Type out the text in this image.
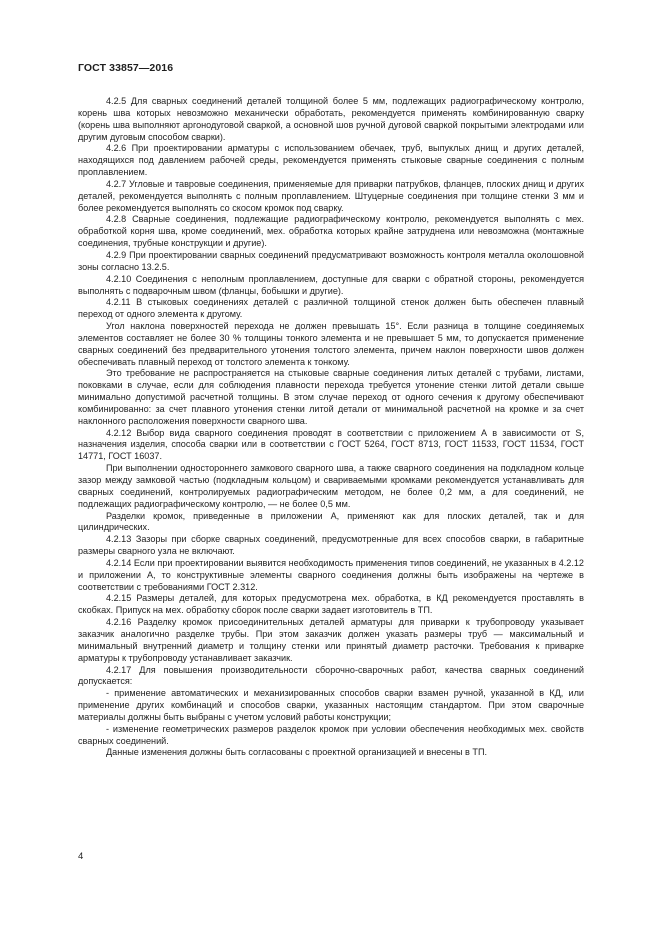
ГОСТ 33857—2016

4.2.5 Для сварных соединений деталей толщиной более 5 мм, подлежащих радиографическому контролю, корень шва которых невозможно механически обработать, рекомендуется применять комбинированную сварку (корень шва выполняют аргонодуговой сваркой, а основной шов ручной дуговой сваркой покрытыми электродами или другим дуговым способом сварки).

4.2.6 При проектировании арматуры с использованием обечаек, труб, выпуклых днищ и других деталей, находящихся под давлением рабочей среды, рекомендуется применять стыковые сварные соединения с полным проплавлением.

4.2.7 Угловые и тавровые соединения, применяемые для приварки патрубков, фланцев, плоских днищ и других деталей, рекомендуется выполнять с полным проплавлением. Штуцерные соединения при толщине стенки 3 мм и более рекомендуется выполнять со скосом кромок под сварку.

4.2.8 Сварные соединения, подлежащие радиографическому контролю, рекомендуется выполнять с мех. обработкой корня шва, кроме соединений, мех. обработка которых крайне затруднена или невозможна (монтажные соединения, трубные конструкции и другие).

4.2.9 При проектировании сварных соединений предусматривают возможность контроля металла околошовной зоны согласно 13.2.5.

4.2.10 Соединения с неполным проплавлением, доступные для сварки с обратной стороны, рекомендуется выполнять с подварочным швом (фланцы, бобышки и другие).

4.2.11 В стыковых соединениях деталей с различной толщиной стенок должен быть обеспечен плавный переход от одного элемента к другому.

Угол наклона поверхностей перехода не должен превышать 15°. Если разница в толщине соединяемых элементов составляет не более 30 % толщины тонкого элемента и не превышает 5 мм, то допускается применение сварных соединений без предварительного утонения толстого элемента, причем наклон поверхности швов должен обеспечивать плавный переход от толстого элемента к тонкому.

Это требование не распространяется на стыковые сварные соединения литых деталей с трубами, листами, поковками в случае, если для соблюдения плавности перехода требуется утонение стенки литой детали свыше минимально допустимой расчетной толщины. В этом случае переход от одного сечения к другому обеспечивают комбинированно: за счет плавного утонения стенки литой детали от минимальной расчетной на кромке и за счет наклонного расположения поверхности сварного шва.

4.2.12 Выбор вида сварного соединения проводят в соответствии с приложением А в зависимости от S, назначения изделия, способа сварки или в соответствии с ГОСТ 5264, ГОСТ 8713, ГОСТ 11533, ГОСТ 11534, ГОСТ 14771, ГОСТ 16037.

При выполнении одностороннего замкового сварного шва, а также сварного соединения на подкладном кольце зазор между замковой частью (подкладным кольцом) и свариваемыми кромками рекомендуется устанавливать для сварных соединений, контролируемых радиографическим методом, не более 0,2 мм, а для соединений, не подлежащих радиографическому контролю, — не более 0,5 мм.

Разделки кромок, приведенные в приложении А, применяют как для плоских деталей, так и для цилиндрических.

4.2.13 Зазоры при сборке сварных соединений, предусмотренные для всех способов сварки, в габаритные размеры сварного узла не включают.

4.2.14 Если при проектировании выявится необходимость применения типов соединений, не указанных в 4.2.12 и приложении А, то конструктивные элементы сварного соединения должны быть изображены на чертеже в соответствии с требованиями ГОСТ 2.312.

4.2.15 Размеры деталей, для которых предусмотрена мех. обработка, в КД рекомендуется проставлять в скобках. Припуск на мех. обработку сборок после сварки задает изготовитель в ТП.

4.2.16 Разделку кромок присоединительных деталей арматуры для приварки к трубопроводу указывает заказчик аналогично разделке трубы. При этом заказчик должен указать размеры труб — максимальный и минимальный внутренний диаметр и толщину стенки или принятый диаметр расточки. Требования к приварке арматуры к трубопроводу устанавливает заказчик.

4.2.17 Для повышения производительности сборочно-сварочных работ, качества сварных соединений допускается:

- применение автоматических и механизированных способов сварки взамен ручной, указанной в КД, или применение других комбинаций и способов сварки, указанных настоящим стандартом. При этом сварочные материалы должны быть выбраны с учетом условий работы конструкции;

- изменение геометрических размеров разделок кромок при условии обеспечения необходимых мех. свойств сварных соединений.

Данные изменения должны быть согласованы с проектной организацией и внесены в ТП.

4
